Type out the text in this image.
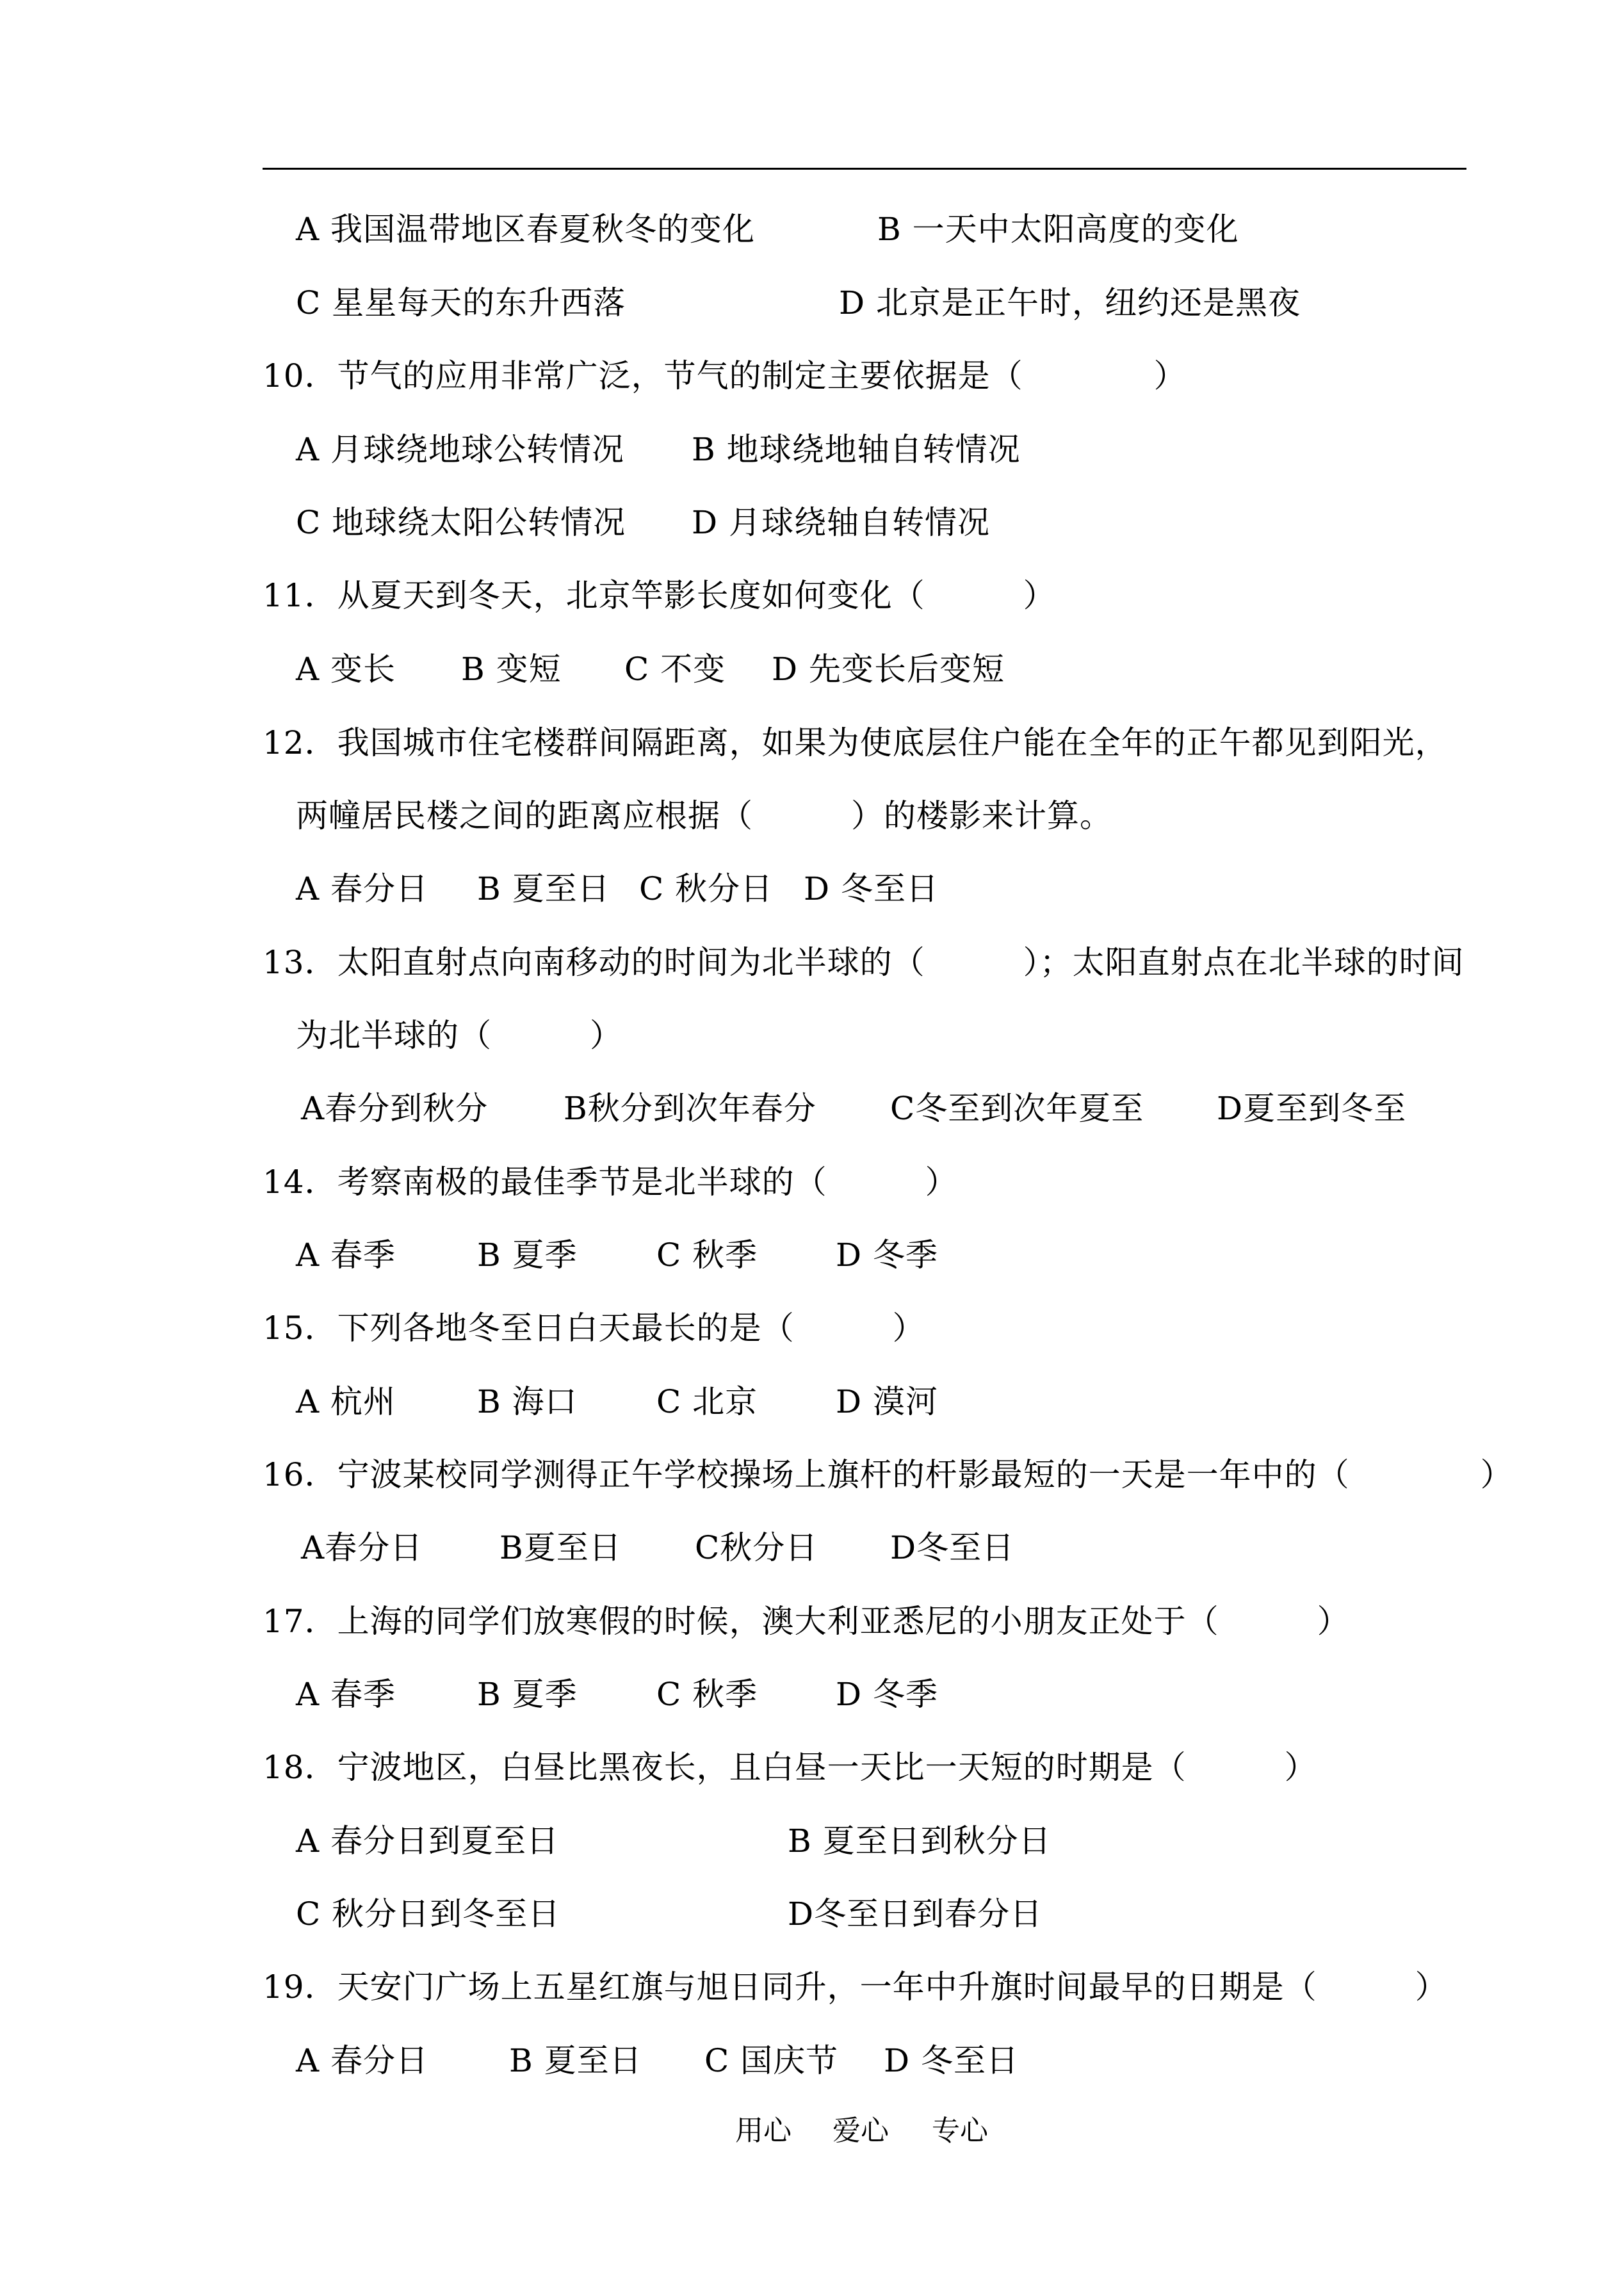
A 我国温带地区春夏秋冬的变化	B 一天中太阳高度的变化
C 星星每天的东升西落	D 北京是正午时，纽约还是黑夜
10．节气的应用非常广泛，节气的制定主要依据是（　　　　）
A 月球绕地球公转情况 B 地球绕地轴自转情况
C 地球绕太阳公转情况 D 月球绕轴自转情况
11．从夏天到冬天，北京竿影长度如何变化（　　　）
A 变长 B 变短 C 不变 D 先变长后变短
12．我国城市住宅楼群间隔距离，如果为使底层住户能在全年的正午都见到阳光，
两幢居民楼之间的距离应根据（　　　）的楼影来计算。
A 春分日 B 夏至日 C 秋分日 D 冬至日
13．太阳直射点向南移动的时间为北半球的（　　　）；太阳直射点在北半球的时间
为北半球的（　　　）
A春分到秋分 B秋分到次年春分 C冬至到次年夏至 D夏至到冬至
14．考察南极的最佳季节是北半球的（　　　）
A 春季	B 夏季 C 秋季 D 冬季
15．下列各地冬至日白天最长的是（　　　）
A 杭州	B 海口 C 北京 D 漠河
16．宁波某校同学测得正午学校操场上旗杆的杆影最短的一天是一年中的（　　　　）
A春分日 B夏至日 C秋分日 D冬至日
17．上海的同学们放寒假的时候，澳大利亚悉尼的小朋友正处于（　　　）
A 春季	B 夏季 C 秋季 D 冬季
18．宁波地区，白昼比黑夜长，且白昼一天比一天短的时期是（　　　）
A 春分日到夏至日	B 夏至日到秋分日
C 秋分日到冬至日	D冬至日到春分日
19．天安门广场上五星红旗与旭日同升，一年中升旗时间最早的日期是（　　　）
A 春分日	B 夏至日 C 国庆节 D 冬至日
用心 爱心 专心
